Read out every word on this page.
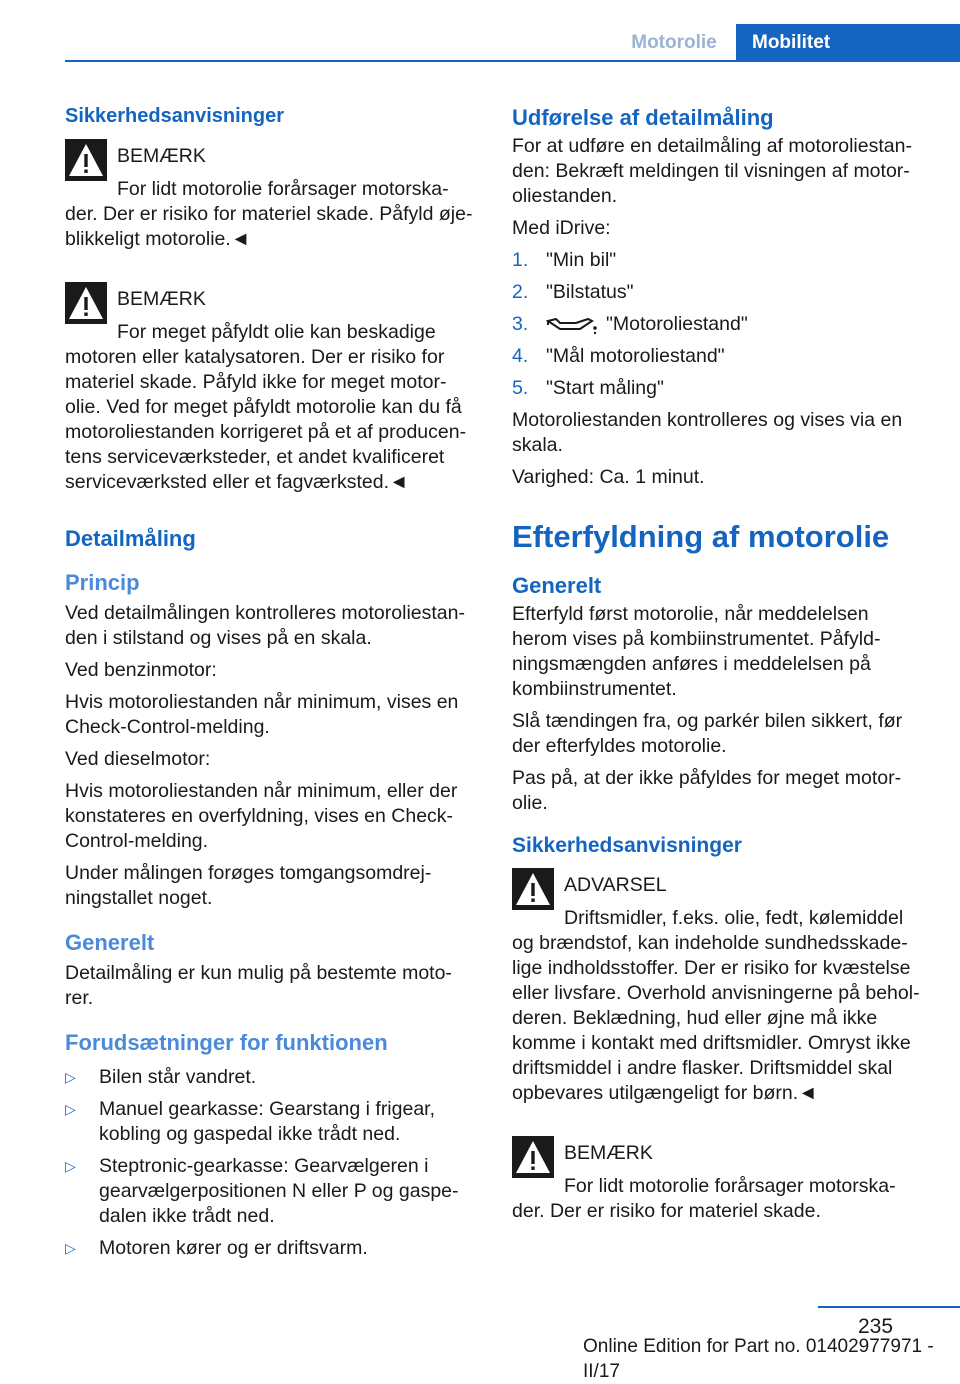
Motorolie	Mobilitet

Sikkerhedsanvisninger

BEMÆRK
For lidt motorolie forårsager motorska-der. Der er risiko for materiel skade. Påfyld øje-blikkeligt motorolie.◄
BEMÆRK
For meget påfyldt olie kan beskadige motoren eller katalysatoren. Der er risiko for materiel skade. Påfyld ikke for meget motor-olie. Ved for meget påfyldt motorolie kan du få motoroliestanden korrigeret på et af producen-tens serviceværksteder, et andet kvalificeret serviceværksted eller et fagværksted.◄

Detailmåling

Princip

Ved detailmålingen kontrolleres motoroliestan-den i stilstand og vises på en skala.

Ved benzinmotor:

Hvis motoroliestanden når minimum, vises en Check-Control-melding.

Ved dieselmotor:

Hvis motoroliestanden når minimum, eller der konstateres en overfyldning, vises en Check-Control-melding.

Under målingen forøges tomgangsomdrej-ningstallet noget.

Generelt

Detailmåling er kun mulig på bestemte moto-rer.

Forudsætninger for funktionen

▷ Bilen står vandret.
▷ Manuel gearkasse: Gearstang i frigear, kobling og gaspedal ikke trådt ned.
▷ Steptronic-gearkasse: Gearvælgeren i gearvælgerpositionen N eller P og gaspe-dalen ikke trådt ned.
▷ Motoren kører og er driftsvarm.

Udførelse af detailmåling

For at udføre en detailmåling af motoroliestan-den: Bekræft meldingen til visningen af motor-oliestanden.

Med iDrive:

1. "Min bil"
2. "Bilstatus"
3.	"Motoroliestand"
4. "Mål motoroliestand"
5. "Start måling"

Motoroliestanden kontrolleres og vises via en skala.

Varighed: Ca. 1 minut.

Efterfyldning af motorolie

Generelt

Efterfyld først motorolie, når meddelelsen herom vises på kombiinstrumentet. Påfyld-ningsmængden anføres i meddelelsen på kombiinstrumentet.

Slå tændingen fra, og parkér bilen sikkert, før der efterfyldes motorolie.

Pas på, at der ikke påfyldes for meget motor-olie.

Sikkerhedsanvisninger

ADVARSEL
Driftsmidler, f.eks. olie, fedt, kølemiddel og brændstof, kan indeholde sundhedsskade-lige indholdsstoffer. Der er risiko for kvæstelse eller livsfare. Overhold anvisningerne på behol-deren. Beklædning, hud eller øjne må ikke komme i kontakt med driftsmidler. Omryst ikke driftsmiddel i andre flasker. Driftsmiddel skal opbevares utilgængeligt for børn.◄
BEMÆRK
For lidt motorolie forårsager motorska-der. Der er risiko for materiel skade.
235
Online Edition for Part no. 01402977971 - II/17
